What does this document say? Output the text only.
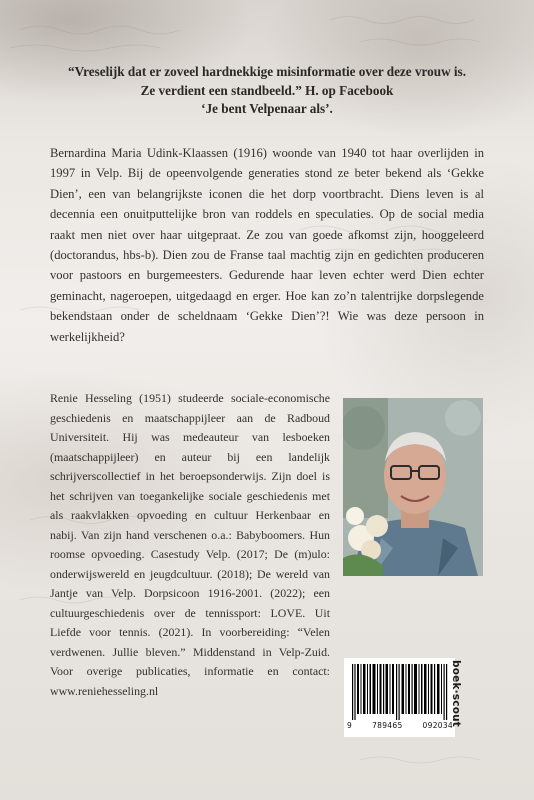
“Vreselijk dat er zoveel hardnekkige misinformatie over deze vrouw is.
Ze verdient een standbeeld.” H. op Facebook
‘Je bent Velpenaar als’.
Bernardina Maria Udink-Klaassen (1916) woonde van 1940 tot haar overlijden in 1997 in Velp. Bij de opeenvolgende generaties stond ze beter bekend als ‘Gekke Dien’, een van belangrijkste iconen die het dorp voortbracht. Diens leven is al decennia een onuitputtelijke bron van roddels en speculaties. Op de social media raakt men niet over haar uitgepraat. Ze zou van goede afkomst zijn, hooggeleerd (doctorandus, hbs-b). Dien zou de Franse taal machtig zijn en gedichten produceren voor pastoors en burgemeesters. Gedurende haar leven echter werd Dien echter geminacht, nageroepen, uitgedaagd en erger. Hoe kan zo’n talentrijke dorpslegende bekendstaan onder de scheldnaam ‘Gekke Dien’?! Wie was deze persoon in werkelijkheid?
Renie Hesseling (1951) studeerde sociale-economische geschiedenis en maatschappijleer aan de Radboud Universiteit. Hij was medeauteur van lesboeken (maatschappijleer) en auteur bij een landelijk schrijverscollectief in het beroepsonderwijs. Zijn doel is het schrijven van toegankelijke sociale geschiedenis met als raakvlakken opvoeding en cultuur Herkenbaar en nabij. Van zijn hand verschenen o.a.: Babyboomers. Hun roomse opvoeding. Casestudy Velp. (2017; De (m)ulo: onderwijswereld en jeugdcultuur. (2018); De wereld van Jantje van Velp. Dorpsicoon 1916-2001. (2022); een cultuurgeschiedenis over de tennissport: LOVE. Uit Liefde voor tennis. (2021). In voorbereiding: “Velen verdwenen. Jullie bleven.” Middenstand in Velp-Zuid. Voor overige publicaties, informatie en contact: www.reniehesseling.nl
9	789465	092034
boek·scout
